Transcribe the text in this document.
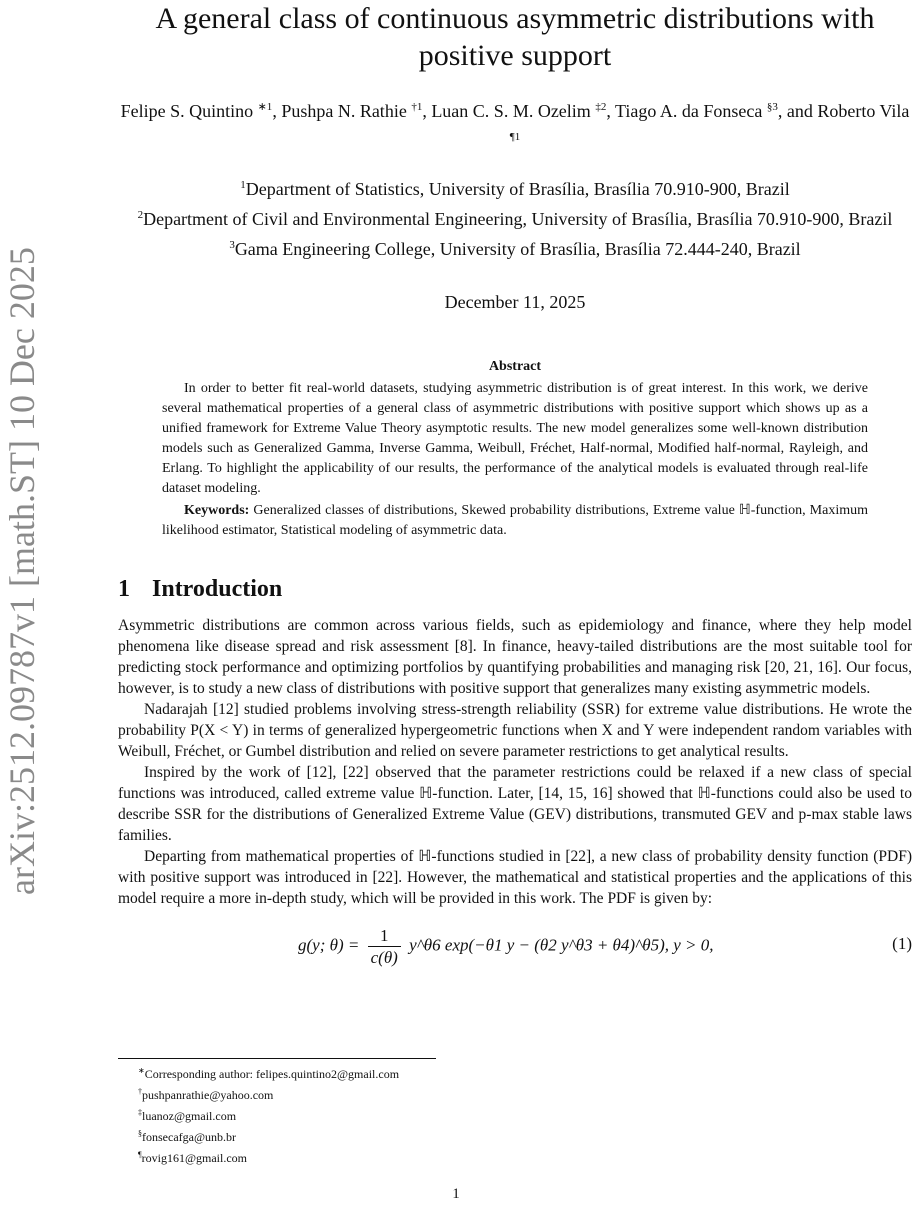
arXiv:2512.09787v1 [math.ST] 10 Dec 2025
A general class of continuous asymmetric distributions with
positive support
Felipe S. Quintino $^{∗1}$, Pushpa N. Rathie $^{\dagger 1}$, Luan C. S. M. Ozelim $^{\ddagger 2}$, Tiago A. da Fonseca $^{\S 3}$, and Roberto Vila $^{\P 1}$
$^1$Department of Statistics, University of Brasília, Brasília 70.910-900, Brazil
$^2$Department of Civil and Environmental Engineering, University of Brasília, Brasília 70.910-900, Brazil
$^3$Gama Engineering College, University of Brasília, Brasília 72.444-240, Brazil
December 11, 2025
Abstract
In order to better fit real-world datasets, studying asymmetric distribution is of great interest. In this work, we derive several mathematical properties of a general class of asymmetric distributions with positive support which shows up as a unified framework for Extreme Value Theory asymptotic results. The new model generalizes some well-known distribution models such as Generalized Gamma, Inverse Gamma, Weibull, Fréchet, Half-normal, Modified half-normal, Rayleigh, and Erlang. To highlight the applicability of our results, the performance of the analytical models is evaluated through real-life dataset modeling.
Keywords: Generalized classes of distributions, Skewed probability distributions, Extreme value ℍ-function, Maximum likelihood estimator, Statistical modeling of asymmetric data.
1 Introduction

Asymmetric distributions are common across various fields, such as epidemiology and finance, where they help model phenomena like disease spread and risk assessment [8]. In finance, heavy-tailed distributions are the most suitable tool for predicting stock performance and optimizing portfolios by quantifying probabilities and managing risk [20, 21, 16]. Our focus, however, is to study a new class of distributions with positive support that generalizes many existing asymmetric models.

Nadarajah [12] studied problems involving stress-strength reliability (SSR) for extreme value distributions. He wrote the probability P(X < Y) in terms of generalized hypergeometric functions when X and Y were independent random variables with Weibull, Fréchet, or Gumbel distribution and relied on severe parameter restrictions to get analytical results.

Inspired by the work of [12], [22] observed that the parameter restrictions could be relaxed if a new class of special functions was introduced, called extreme value ℍ-function. Later, [14, 15, 16] showed that ℍ-functions could also be used to describe SSR for the distributions of Generalized Extreme Value (GEV) distributions, transmuted GEV and p-max stable laws families.

Departing from mathematical properties of ℍ-functions studied in [22], a new class of probability density function (PDF) with positive support was introduced in [22]. However, the mathematical and statistical properties and the applications of this model require a more in-depth study, which will be provided in this work. The PDF is given by:

g(y; $\theta) = \frac{1}{c(\theta)}$ y^θ6 exp(−θ1 y − (θ2 y^θ3 + θ4)^θ5), y > 0,	(1)
∗Corresponding author: felipes.quintino2@gmail.com
†pushpanrathie@yahoo.com
‡luanoz@gmail.com
§fonsecafga@unb.br
¶rovig161@gmail.com
1
